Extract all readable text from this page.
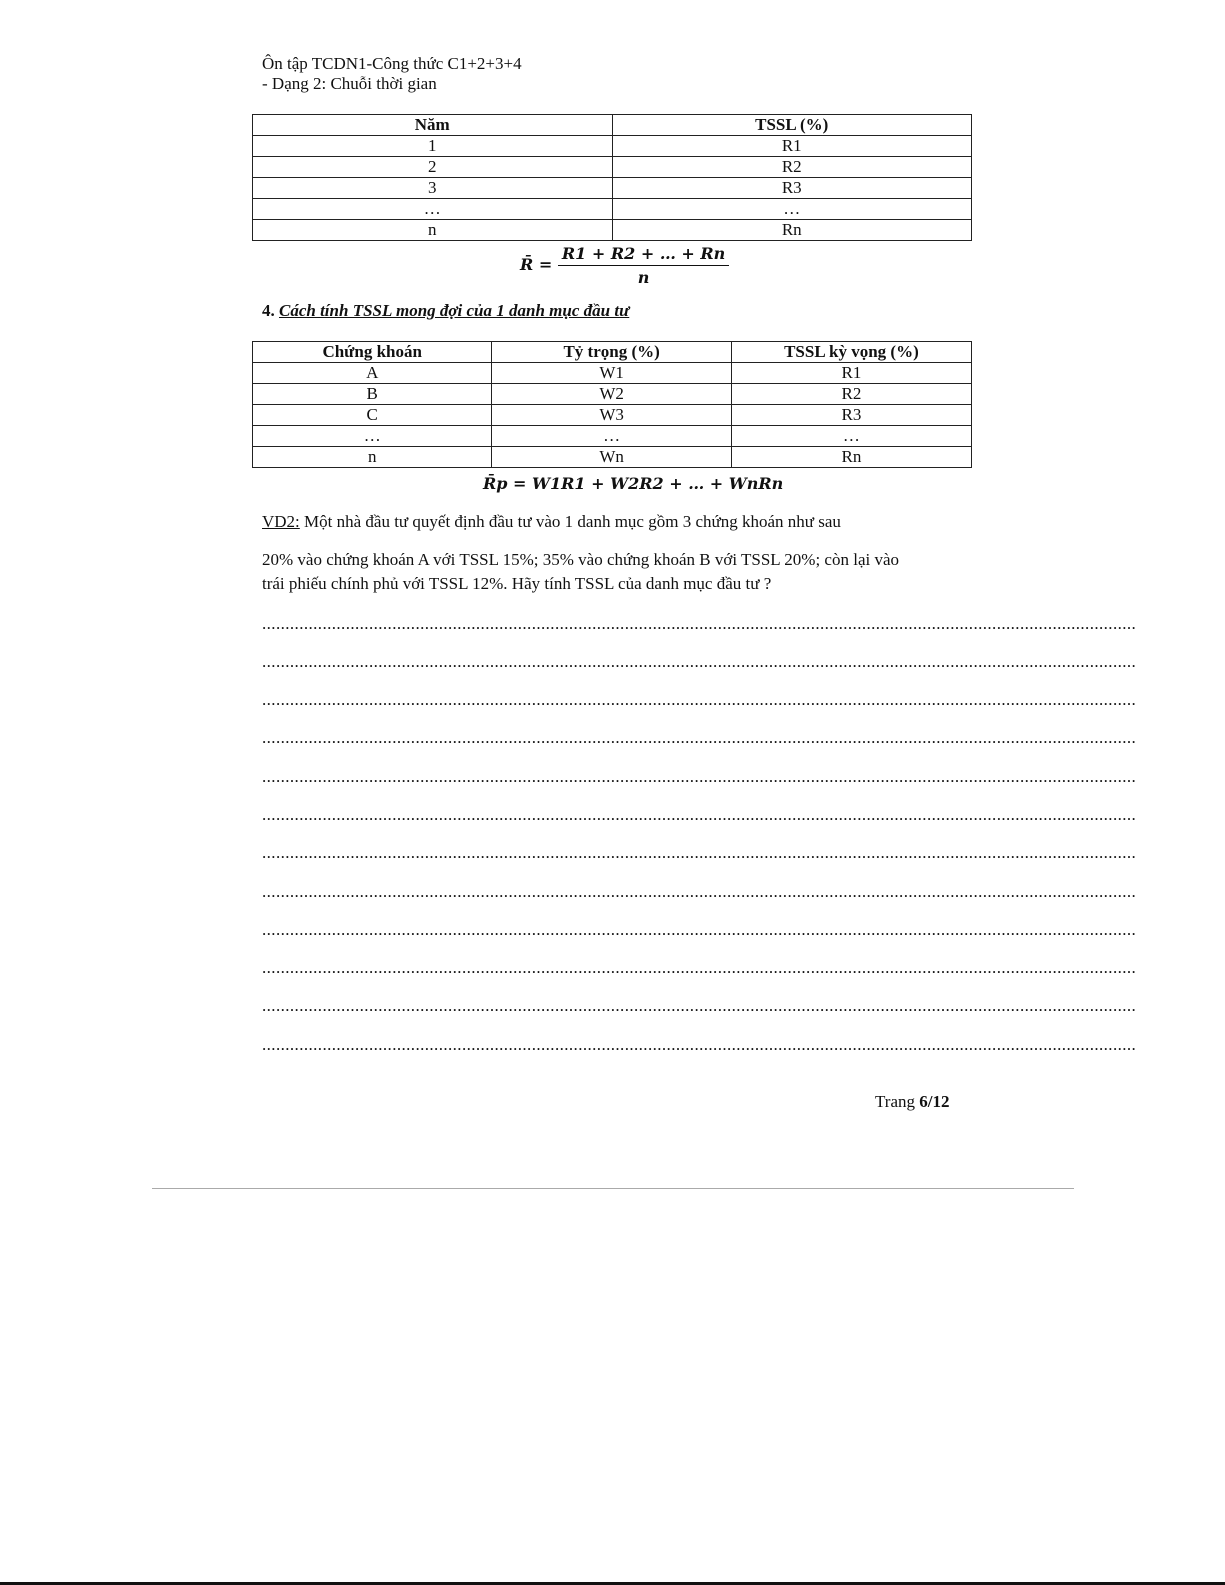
Ôn tập TCDN1-Công thức C1+2+3+4
- Dạng 2: Chuỗi thời gian
Năm	TSSL (%)
1	R1
2	R2
3	R3
…	…
n	Rn
R̄ = $\frac{R1 + R2 + \dots + Rn}{n}$
4. Cách tính TSSL mong đợi của 1 danh mục đầu tư
Chứng khoán	Tỷ trọng (%)	TSSL kỳ vọng (%)
A	W1	R1
B	W2	R2
C	W3	R3
…	…	…
n	Wn	Rn
R̄p = W1R1 + W2R2 + … + WnRn
VD2: Một nhà đầu tư quyết định đầu tư vào 1 danh mục gồm 3 chứng khoán như sau
20% vào chứng khoán A với TSSL 15%; 35% vào chứng khoán B với TSSL 20%; còn lại vào
trái phiếu chính phủ với TSSL 12%. Hãy tính TSSL của danh mục đầu tư ?
............................................................................................................................................................................................
............................................................................................................................................................................................
............................................................................................................................................................................................
............................................................................................................................................................................................
............................................................................................................................................................................................
............................................................................................................................................................................................
............................................................................................................................................................................................
............................................................................................................................................................................................
............................................................................................................................................................................................
............................................................................................................................................................................................
............................................................................................................................................................................................
............................................................................................................................................................................................
Trang 6/12
